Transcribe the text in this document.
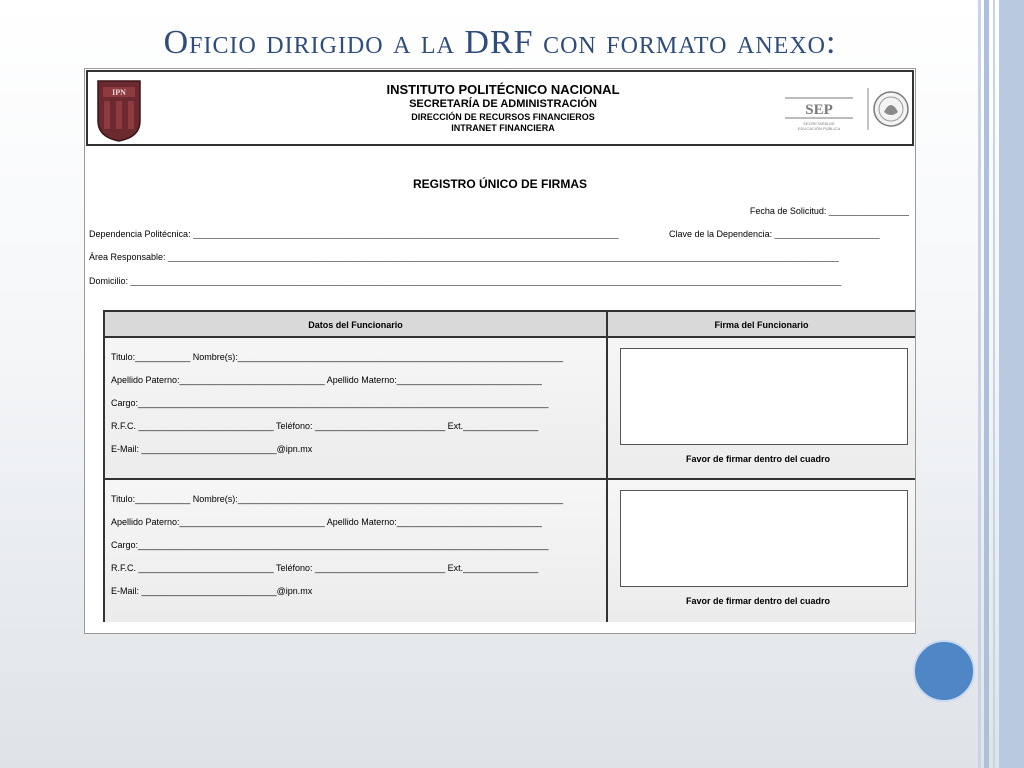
Oficio dirigido a la DRF con formato anexo:
IPN	INSTITUTO POLITÉCNICO NACIONAL
SECRETARÍA DE ADMINISTRACIÓN
DIRECCIÓN DE RECURSOS FINANCIEROS
INTRANET FINANCIERA
SEP
SECRETARÍA DE
EDUCACIÓN PÚBLICA
REGISTRO ÚNICO DE FIRMAS
Fecha de Solicitud: ________________
Dependencia Politécnica: _____________________________________________________________________________________	Clave de la Dependencia: _____________________
Área Responsable: ______________________________________________________________________________________________________________________________________
Domicilio: ______________________________________________________________________________________________________________________________________________
Datos del Funcionario	Firma del Funcionario
Titulo:___________ Nombre(s):_________________________________________________________________
Apellido Paterno:_____________________________ Apellido Materno:_____________________________
Cargo:__________________________________________________________________________________
R.F.C. ___________________________ Teléfono: __________________________ Ext._______________
E-Mail: ___________________________@ipn.mx
Favor de firmar dentro del cuadro
Titulo:___________ Nombre(s):_________________________________________________________________
Apellido Paterno:_____________________________ Apellido Materno:_____________________________
Cargo:__________________________________________________________________________________
R.F.C. ___________________________ Teléfono: __________________________ Ext._______________
E-Mail: ___________________________@ipn.mx
Favor de firmar dentro del cuadro
